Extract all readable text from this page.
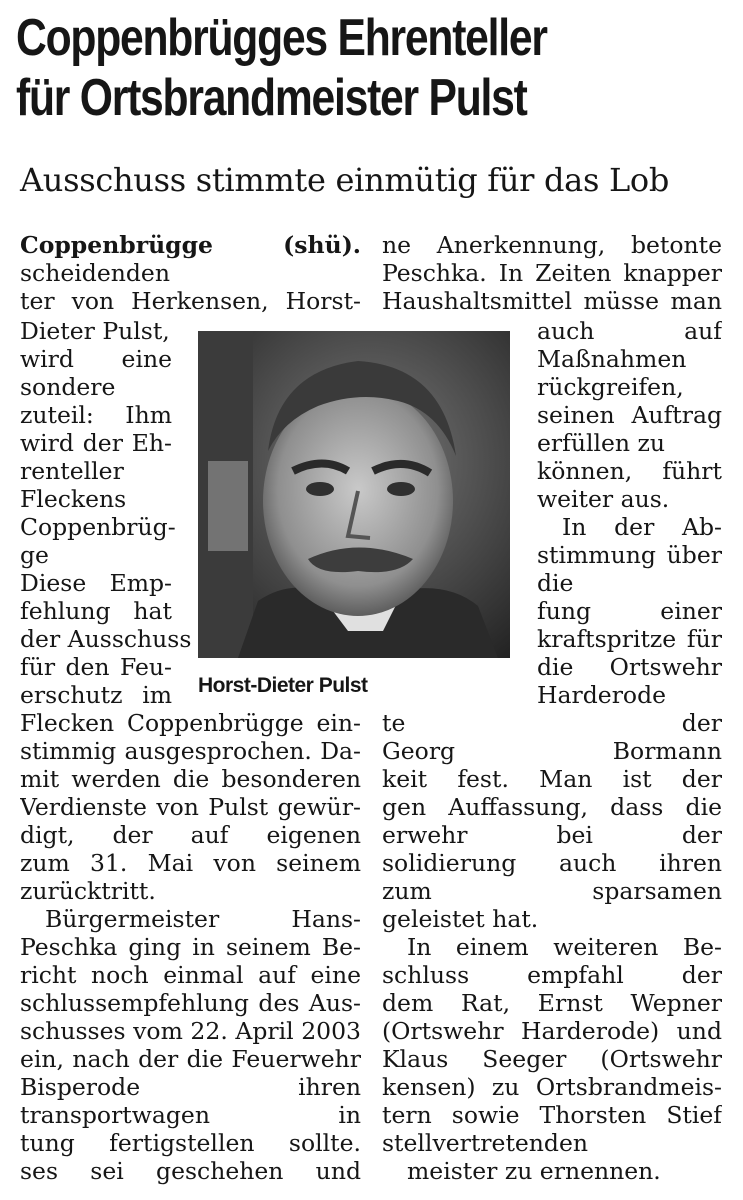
Coppenbrügges Ehrenteller
für Ortsbrandmeister Pulst
Ausschuss stimmte einmütig für das Lob
Coppenbrügge (shü).
scheidenden
ter von Herkensen, Horst-
Dieter Pulst,
wird eine
sondere
zuteil: Ihm
wird der Eh-
renteller
Fleckens
Coppenbrüg-
ge
Diese Emp-
fehlung hat
der Ausschuss
für den Feu-
erschutz im
Flecken Coppenbrügge ein-
stimmig ausgesprochen. Da-
mit werden die besonderen
Verdienste von Pulst gewür-
digt, der auf eigenen
zum 31. Mai von seinem
zurücktritt.
Bürgermeister Hans-
Peschka ging in seinem Be-
richt noch einmal auf eine
schlussempfehlung des Aus-
schusses vom 22. April 2003
ein, nach der die Feuerwehr
Bisperode ihren
transportwagen in
tung fertigstellen sollte.
ses sei geschehen und
ne Anerkennung, betonte
Peschka. In Zeiten knapper
Haushaltsmittel müsse man
auch auf
Maßnahmen
rückgreifen,
seinen Auftrag
erfüllen zu
können, führt
weiter aus.
In der Ab-
stimmung über
die
fung einer
kraftspritze für
die Ortswehr
Harderode
te der
Georg Bormann
keit fest. Man ist der
gen Auffassung, dass die
erwehr bei der
solidierung auch ihren
zum sparsamen
geleistet hat.
In einem weiteren Be-
schluss empfahl der
dem Rat, Ernst Wepner
(Ortswehr Harderode) und
Klaus Seeger (Ortswehr
kensen) zu Ortsbrandmeis-
tern sowie Thorsten Stief
stellvertretenden
meister zu ernennen.
Horst-Dieter Pulst
